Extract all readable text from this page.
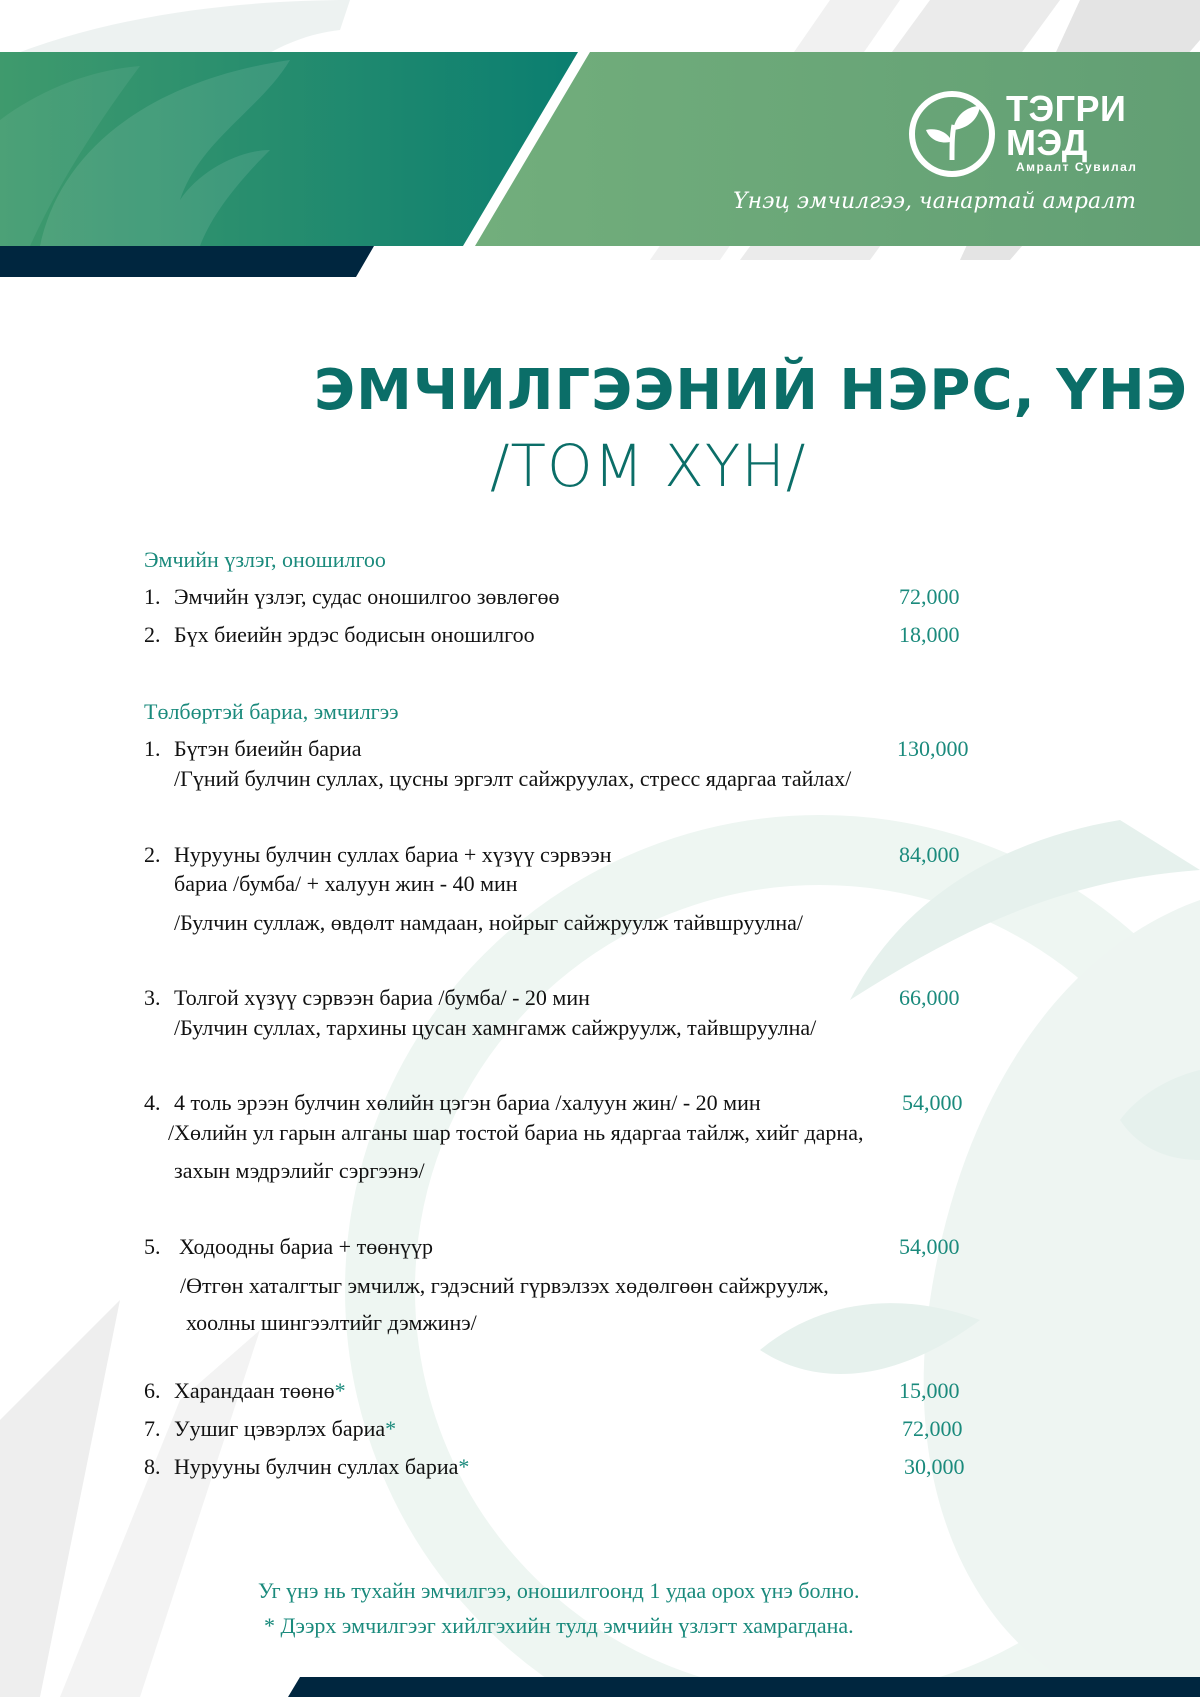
ТЭГРИ
МЭД
Амралт Сувилал
Үнэц эмчилгээ, чанартай амралт
ЭМЧИЛГЭЭНИЙ НЭРС, ҮНЭ
/ТОМ ХҮН/
Эмчийн үзлэг, оношилгоо
1. Эмчийн үзлэг, судас оношилгоо зөвлөгөө	72,000
2. Бүх биеийн эрдэс бодисын оношилгоо	18,000
Төлбөртэй бариа, эмчилгээ
1. Бүтэн биеийн бариа	130,000
/Гүний булчин суллах, цусны эргэлт сайжруулах, стресс ядаргаа тайлах/
2. Нурууны булчин суллах бариа + хүзүү сэрвээн	84,000
бариа /бумба/ + халуун жин - 40 мин
/Булчин суллаж, өвдөлт намдаан, нойрыг сайжруулж тайвшруулна/
3. Толгой хүзүү сэрвээн бариа /бумба/ - 20 мин	66,000
/Булчин суллах, тархины цусан хамнгамж сайжруулж, тайвшруулна/
4. 4 толь эрээн булчин хөлийн цэгэн бариа /халуун жин/ - 20 мин	54,000
/Хөлийн ул гарын алганы шар тостой бариа нь ядаргаа тайлж, хийг дарна,
захын мэдрэлийг сэргээнэ/
5. Ходоодны бариа + төөнүүр	54,000
/Өтгөн хаталгтыг эмчилж, гэдэсний гүрвэлзэх хөдөлгөөн сайжруулж,
хоолны шингээлтийг дэмжинэ/
6. Харандаан төөнө*	15,000
7. Уушиг цэвэрлэх бариа*	72,000
8. Нурууны булчин суллах бариа*	30,000
Уг үнэ нь тухайн эмчилгээ, оношилгоонд 1 удаа орох үнэ болно.
* Дээрх эмчилгээг хийлгэхийн тулд эмчийн үзлэгт хамрагдана.
